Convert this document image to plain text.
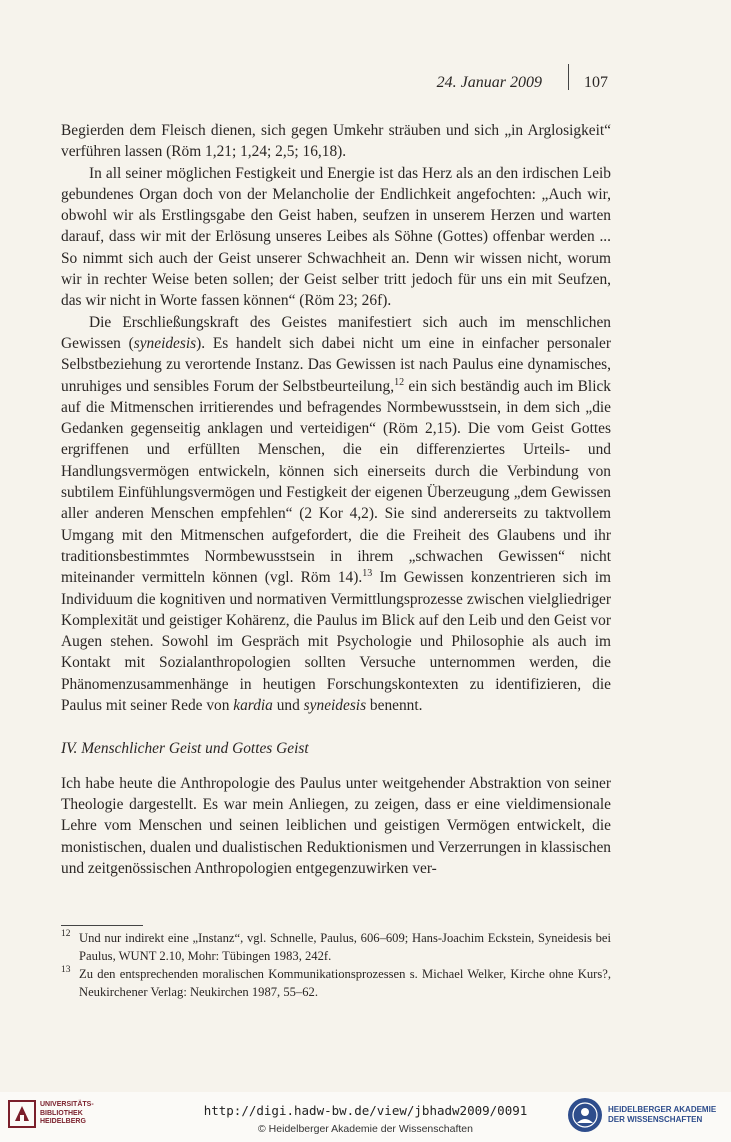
24. Januar 2009	107

Begierden dem Fleisch dienen, sich gegen Umkehr sträuben und sich „in Arglosigkeit“ verführen lassen (Röm 1,21; 1,24; 2,5; 16,18).

In all seiner möglichen Festigkeit und Energie ist das Herz als an den irdischen Leib gebundenes Organ doch von der Melancholie der Endlichkeit angefochten: „Auch wir, obwohl wir als Erstlingsgabe den Geist haben, seufzen in unserem Herzen und warten darauf, dass wir mit der Erlösung unseres Leibes als Söhne (Gottes) offenbar werden ... So nimmt sich auch der Geist unserer Schwachheit an. Denn wir wissen nicht, worum wir in rechter Weise beten sollen; der Geist selber tritt jedoch für uns ein mit Seufzen, das wir nicht in Worte fassen können“ (Röm 23; 26f).

Die Erschließungskraft des Geistes manifestiert sich auch im menschlichen Gewissen (syneidesis). Es handelt sich dabei nicht um eine in einfacher personaler Selbstbeziehung zu verortende Instanz. Das Gewissen ist nach Paulus eine dynamisches, unruhiges und sensibles Forum der Selbstbeurteilung,$^{12}$ ein sich beständig auch im Blick auf die Mitmenschen irritierendes und befragendes Normbewusstsein, in dem sich „die Gedanken gegenseitig anklagen und verteidigen“ (Röm 2,15). Die vom Geist Gottes ergriffenen und erfüllten Menschen, die ein differenziertes Urteils- und Handlungsvermögen entwickeln, können sich einerseits durch die Verbindung von subtilem Einfühlungsvermögen und Festigkeit der eigenen Überzeugung „dem Gewissen aller anderen Menschen empfehlen“ (2 Kor 4,2). Sie sind andererseits zu taktvollem Umgang mit den Mitmenschen aufgefordert, die die Freiheit des Glaubens und ihr traditionsbestimmtes Normbewusstsein in ihrem „schwachen Gewissen“ nicht miteinander vermitteln können (vgl. Röm 14).$^{13}$ Im Gewissen konzentrieren sich im Individuum die kognitiven und normativen Vermittlungsprozesse zwischen vielgliedriger Komplexität und geistiger Kohärenz, die Paulus im Blick auf den Leib und den Geist vor Augen stehen. Sowohl im Gespräch mit Psychologie und Philosophie als auch im Kontakt mit Sozialanthropologien sollten Versuche unternommen werden, die Phänomenzusammenhänge in heutigen Forschungskontexten zu identifizieren, die Paulus mit seiner Rede von kardia und syneidesis benennt.

IV. Menschlicher Geist und Gottes Geist

Ich habe heute die Anthropologie des Paulus unter weitgehender Abstraktion von seiner Theologie dargestellt. Es war mein Anliegen, zu zeigen, dass er eine vieldimensionale Lehre vom Menschen und seinen leiblichen und geistigen Vermögen entwickelt, die monistischen, dualen und dualistischen Reduktionismen und Verzerrungen in klassischen und zeitgenössischen Anthropologien entgegenzuwirken ver-

12 Und nur indirekt eine „Instanz“, vgl. Schnelle, Paulus, 606–609; Hans-Joachim Eckstein, Syneidesis bei Paulus, WUNT 2.10, Mohr: Tübingen 1983, 242f.
13 Zu den entsprechenden moralischen Kommunikationsprozessen s. Michael Welker, Kirche ohne Kurs?, Neukirchener Verlag: Neukirchen 1987, 55–62.
UNIVERSITÄTS-
BIBLIOTHEK
HEIDELBERG
http://digi.hadw-bw.de/view/jbhadw2009/0091
© Heidelberger Akademie der Wissenschaften
HEIDELBERGER AKADEMIE
DER WISSENSCHAFTEN
